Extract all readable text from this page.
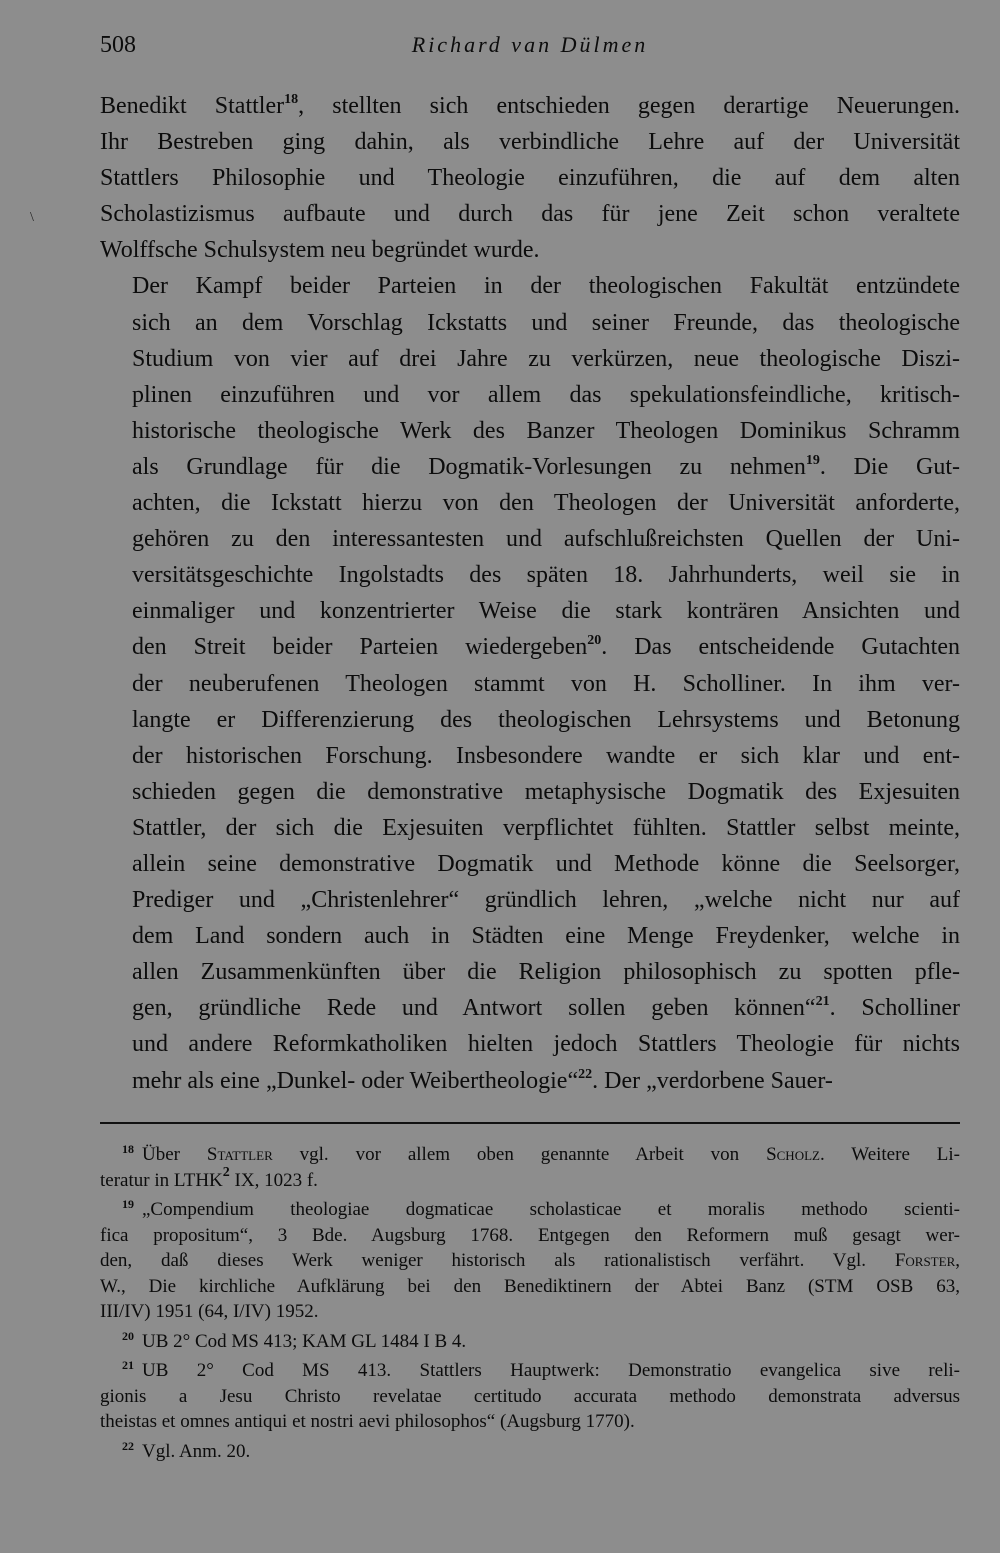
508	Richard van Dülmen
\

Benedikt Stattler$^{18}$, stellten sich entschieden gegen derartige Neuerungen.
Ihr Bestreben ging dahin, als verbindliche Lehre auf der Universität
Stattlers Philosophie und Theologie einzuführen, die auf dem alten
Scholastizismus aufbaute und durch das für jene Zeit schon veraltete
Wolffsche Schulsystem neu begründet wurde.

Der Kampf beider Parteien in der theologischen Fakultät entzündete
sich an dem Vorschlag Ickstatts und seiner Freunde, das theologische
Studium von vier auf drei Jahre zu verkürzen, neue theologische Diszi-
plinen einzuführen und vor allem das spekulationsfeindliche, kritisch-
historische theologische Werk des Banzer Theologen Dominikus Schramm
als Grundlage für die Dogmatik-Vorlesungen zu nehmen$^{19}$. Die Gut-
achten, die Ickstatt hierzu von den Theologen der Universität anforderte,
gehören zu den interessantesten und aufschlußreichsten Quellen der Uni-
versitätsgeschichte Ingolstadts des späten 18. Jahrhunderts, weil sie in
einmaliger und konzentrierter Weise die stark konträren Ansichten und
den Streit beider Parteien wiedergeben$^{20}$. Das entscheidende Gutachten
der neuberufenen Theologen stammt von H. Scholliner. In ihm ver-
langte er Differenzierung des theologischen Lehrsystems und Betonung
der historischen Forschung. Insbesondere wandte er sich klar und ent-
schieden gegen die demonstrative metaphysische Dogmatik des Exjesuiten
Stattler, der sich die Exjesuiten verpflichtet fühlten. Stattler selbst meinte,
allein seine demonstrative Dogmatik und Methode könne die Seelsorger,
Prediger und „Christenlehrer“ gründlich lehren, „welche nicht nur auf
dem Land sondern auch in Städten eine Menge Freydenker, welche in
allen Zusammenkünften über die Religion philosophisch zu spotten pfle-
gen, gründliche Rede und Antwort sollen geben können“$^{21}$. Scholliner
und andere Reformkatholiken hielten jedoch Stattlers Theologie für nichts
mehr als eine „Dunkel- oder Weibertheologie“$^{22}$. Der „verdorbene Sauer-

$^{18}$ Über Stattler vgl. vor allem oben genannte Arbeit von Scholz. Weitere Li-
teratur in LTHK$^2$ IX, 1023 f.
$^{19}$ „Compendium theologiae dogmaticae scholasticae et moralis methodo scienti-
fica propositum“, 3 Bde. Augsburg 1768. Entgegen den Reformern muß gesagt wer-
den, daß dieses Werk weniger historisch als rationalistisch verfährt. Vgl. Forster,
W., Die kirchliche Aufklärung bei den Benediktinern der Abtei Banz (STM OSB 63,
III/IV) 1951 (64, I/IV) 1952.
$^{20}$ UB 2° Cod MS 413; KAM GL 1484 I B 4.
$^{21}$ UB 2° Cod MS 413. Stattlers Hauptwerk: Demonstratio evangelica sive reli-
gionis a Jesu Christo revelatae certitudo accurata methodo demonstrata adversus
theistas et omnes antiqui et nostri aevi philosophos“ (Augsburg 1770).
$^{22}$ Vgl. Anm. 20.
